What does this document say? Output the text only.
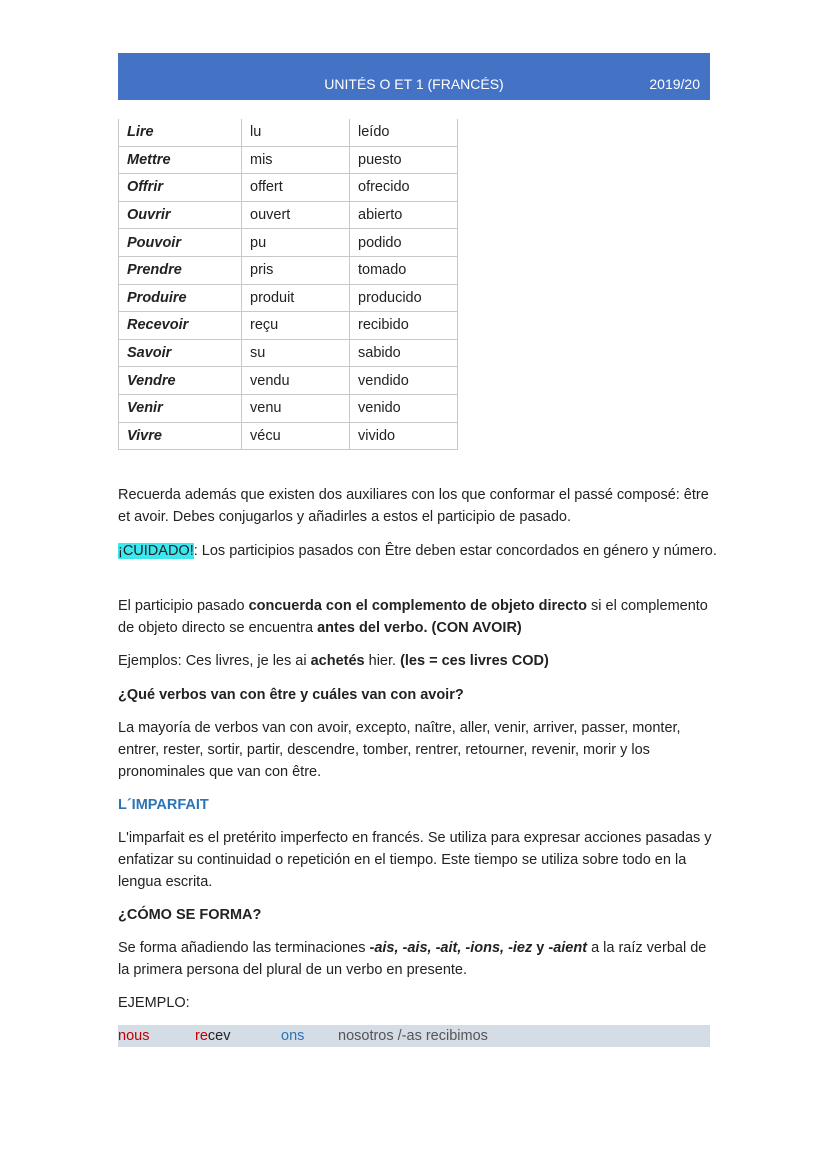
UNITÉS O ET 1 (FRANCÉS)	2019/20
Lire	lu	leído
Mettre	mis	puesto
Offrir	offert	ofrecido
Ouvrir	ouvert	abierto
Pouvoir	pu	podido
Prendre	pris	tomado
Produire	produit	producido
Recevoir	reçu	recibido
Savoir	su	sabido
Vendre	vendu	vendido
Venir	venu	venido
Vivre	vécu	vivido

Recuerda además que existen dos auxiliares con los que conformar el passé composé: être et avoir. Debes conjugarlos y añadirles a estos el participio de pasado.

¡CUIDADO!: Los participios pasados con Être deben estar concordados en género y número.

El participio pasado concuerda con el complemento de objeto directo si el complemento de objeto directo se encuentra antes del verbo. (CON AVOIR)

Ejemplos: Ces livres, je les ai achetés hier. (les = ces livres COD)

¿Qué verbos van con être y cuáles van con avoir?

La mayoría de verbos van con avoir, excepto, naître, aller, venir, arriver, passer, monter, entrer, rester, sortir, partir, descendre, tomber, rentrer, retourner, revenir, morir y los pronominales que van con être.

L´IMPARFAIT

L'imparfait es el pretérito imperfecto en francés. Se utiliza para expresar acciones pasadas y enfatizar su continuidad o repetición en el tiempo. Este tiempo se utiliza sobre todo en la lengua escrita.

¿CÓMO SE FORMA?

Se forma añadiendo las terminaciones -ais, -ais, -ait, -ions, -iez y -aient a la raíz verbal de la primera persona del plural de un verbo en presente.

EJEMPLO:

nous	recev	ons nosotros /-as recibimos
